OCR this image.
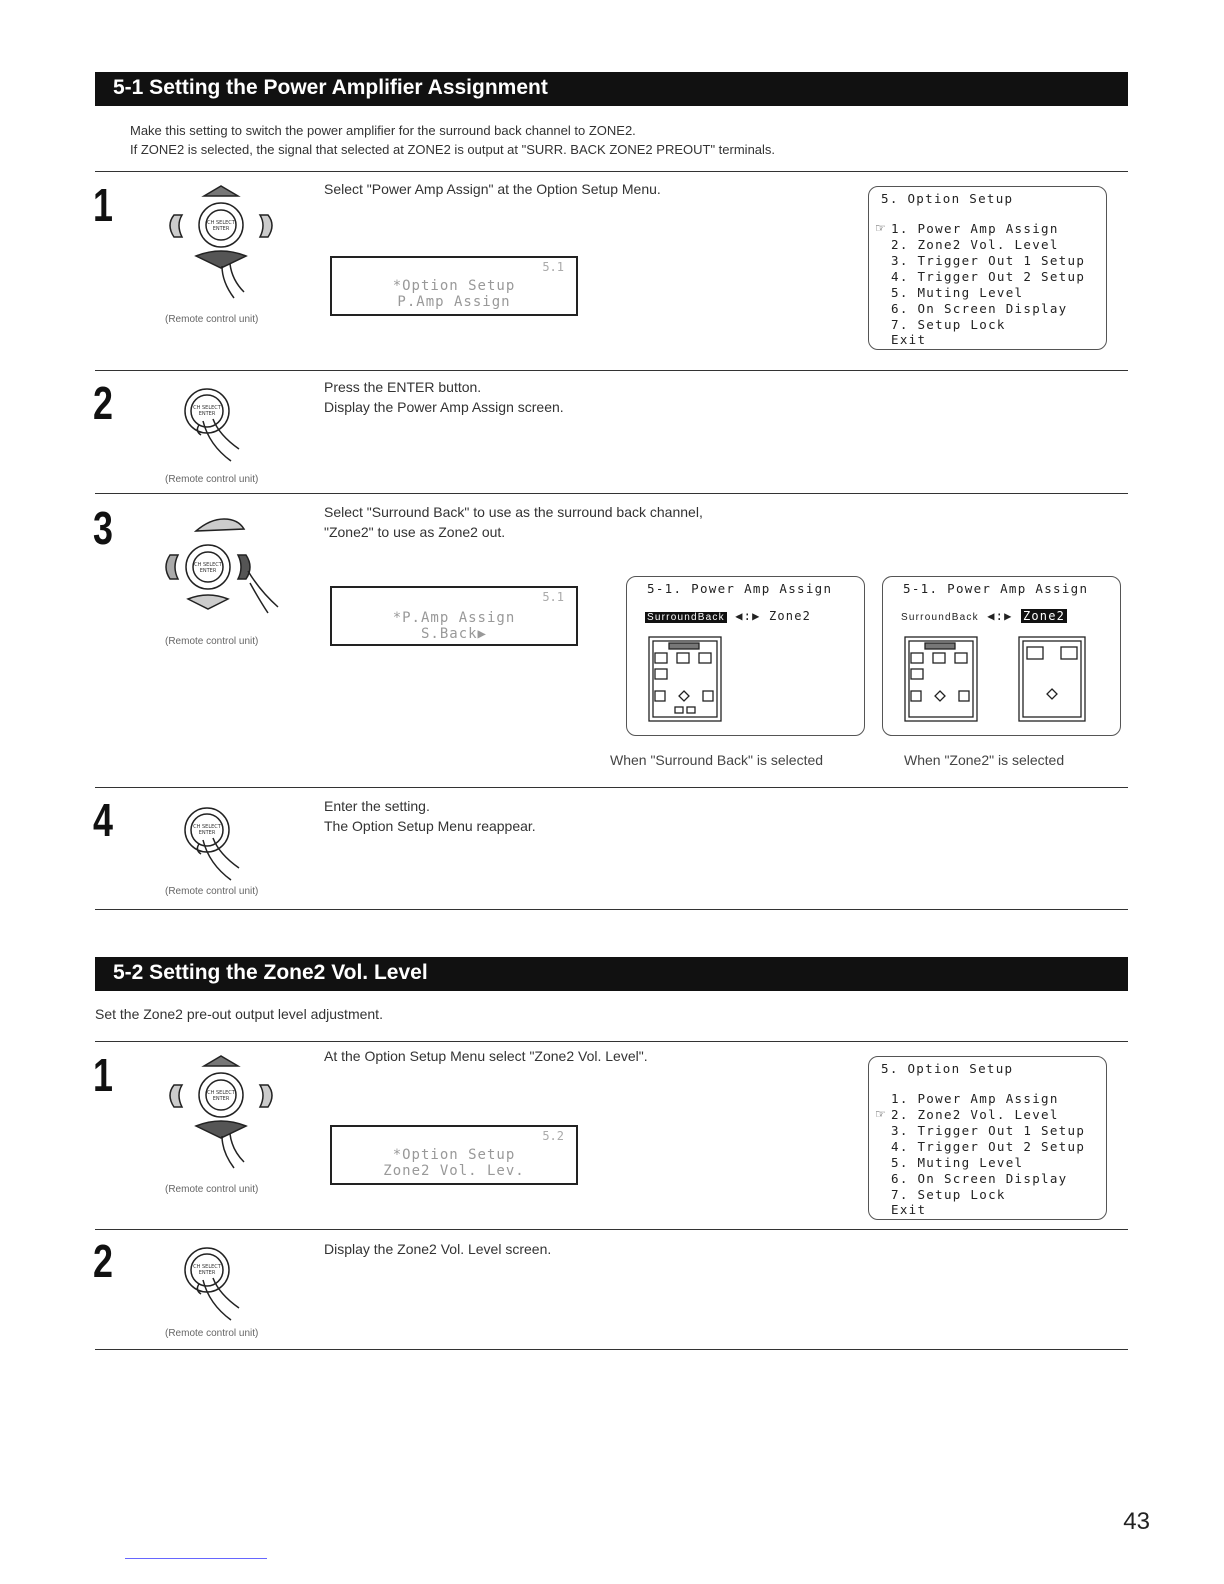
5-1 Setting the Power Amplifier Assignment
Make this setting to switch the power amplifier for the surround back channel to ZONE2.
If ZONE2 is selected, the signal that selected at ZONE2 is output at "SURR. BACK ZONE2 PREOUT" terminals.
1	CH SELECT
ENTER
(Remote control unit)
Select "Power Amp Assign" at the Option Setup Menu.
5.1
*Option Setup
P.Amp Assign
5. Option Setup
☞ 1. Power Amp Assign
2. Zone2 Vol. Level
3. Trigger Out 1 Setup
4. Trigger Out 2 Setup
5. Muting Level
6. On Screen Display
7. Setup Lock
Exit
2	CH SELECT
ENTER
(Remote control unit)
Press the ENTER button.
Display the Power Amp Assign screen.
3
CH SELECT
ENTER
(Remote control unit)
Select "Surround Back" to use as the surround back channel,
"Zone2" to use as Zone2 out.
5.1
*P.Amp Assign
S.Back▶
5-1. Power Amp Assign
SurroundBack ◀:▶ Zone2
When "Surround Back" is selected
5-1. Power Amp Assign
SurroundBack ◀:▶ Zone2
When "Zone2" is selected
4	CH SELECT
ENTER
(Remote control unit)
Enter the setting.
The Option Setup Menu reappear.
5-2 Setting the Zone2 Vol. Level
Set the Zone2 pre-out output level adjustment.
1	CH SELECT
ENTER
(Remote control unit)
At the Option Setup Menu select "Zone2 Vol. Level".
5.2
*Option Setup
Zone2 Vol. Lev.
5. Option Setup
☞
1. Power Amp Assign
2. Zone2 Vol. Level
3. Trigger Out 1 Setup
4. Trigger Out 2 Setup
5. Muting Level
6. On Screen Display
7. Setup Lock
Exit
2	CH SELECT
ENTER
(Remote control unit)
Display the Zone2 Vol. Level screen.
43
